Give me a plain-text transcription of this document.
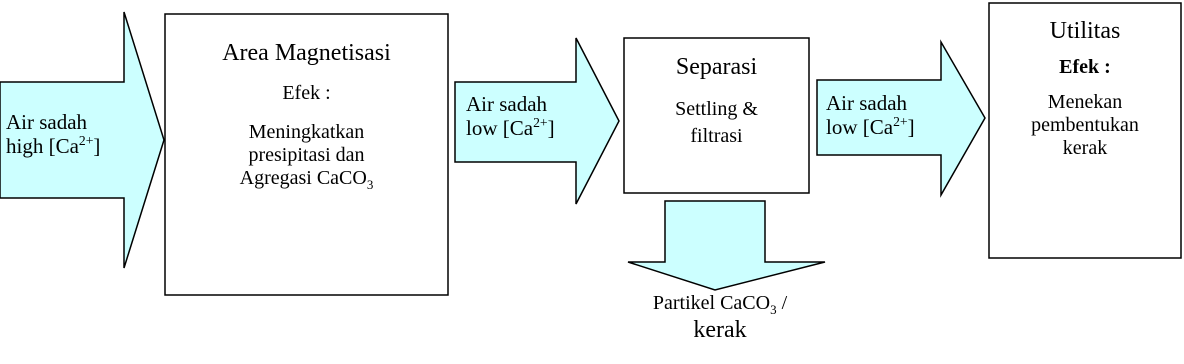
Air sadah
high $[Ca^{2+}]$
Area Magnetisasi
Efek :
Meningkatkan
presipitasi dan
Agregasi CaCO$_3$
Air sadah
low $[Ca^{2+}]$
Separasi
Settling &
filtrasi
Air sadah
low $[Ca^{2+}]$
Utilitas
Efek :
Menekan
pembentukan
kerak
Partikel CaCO$_3$ /
kerak
